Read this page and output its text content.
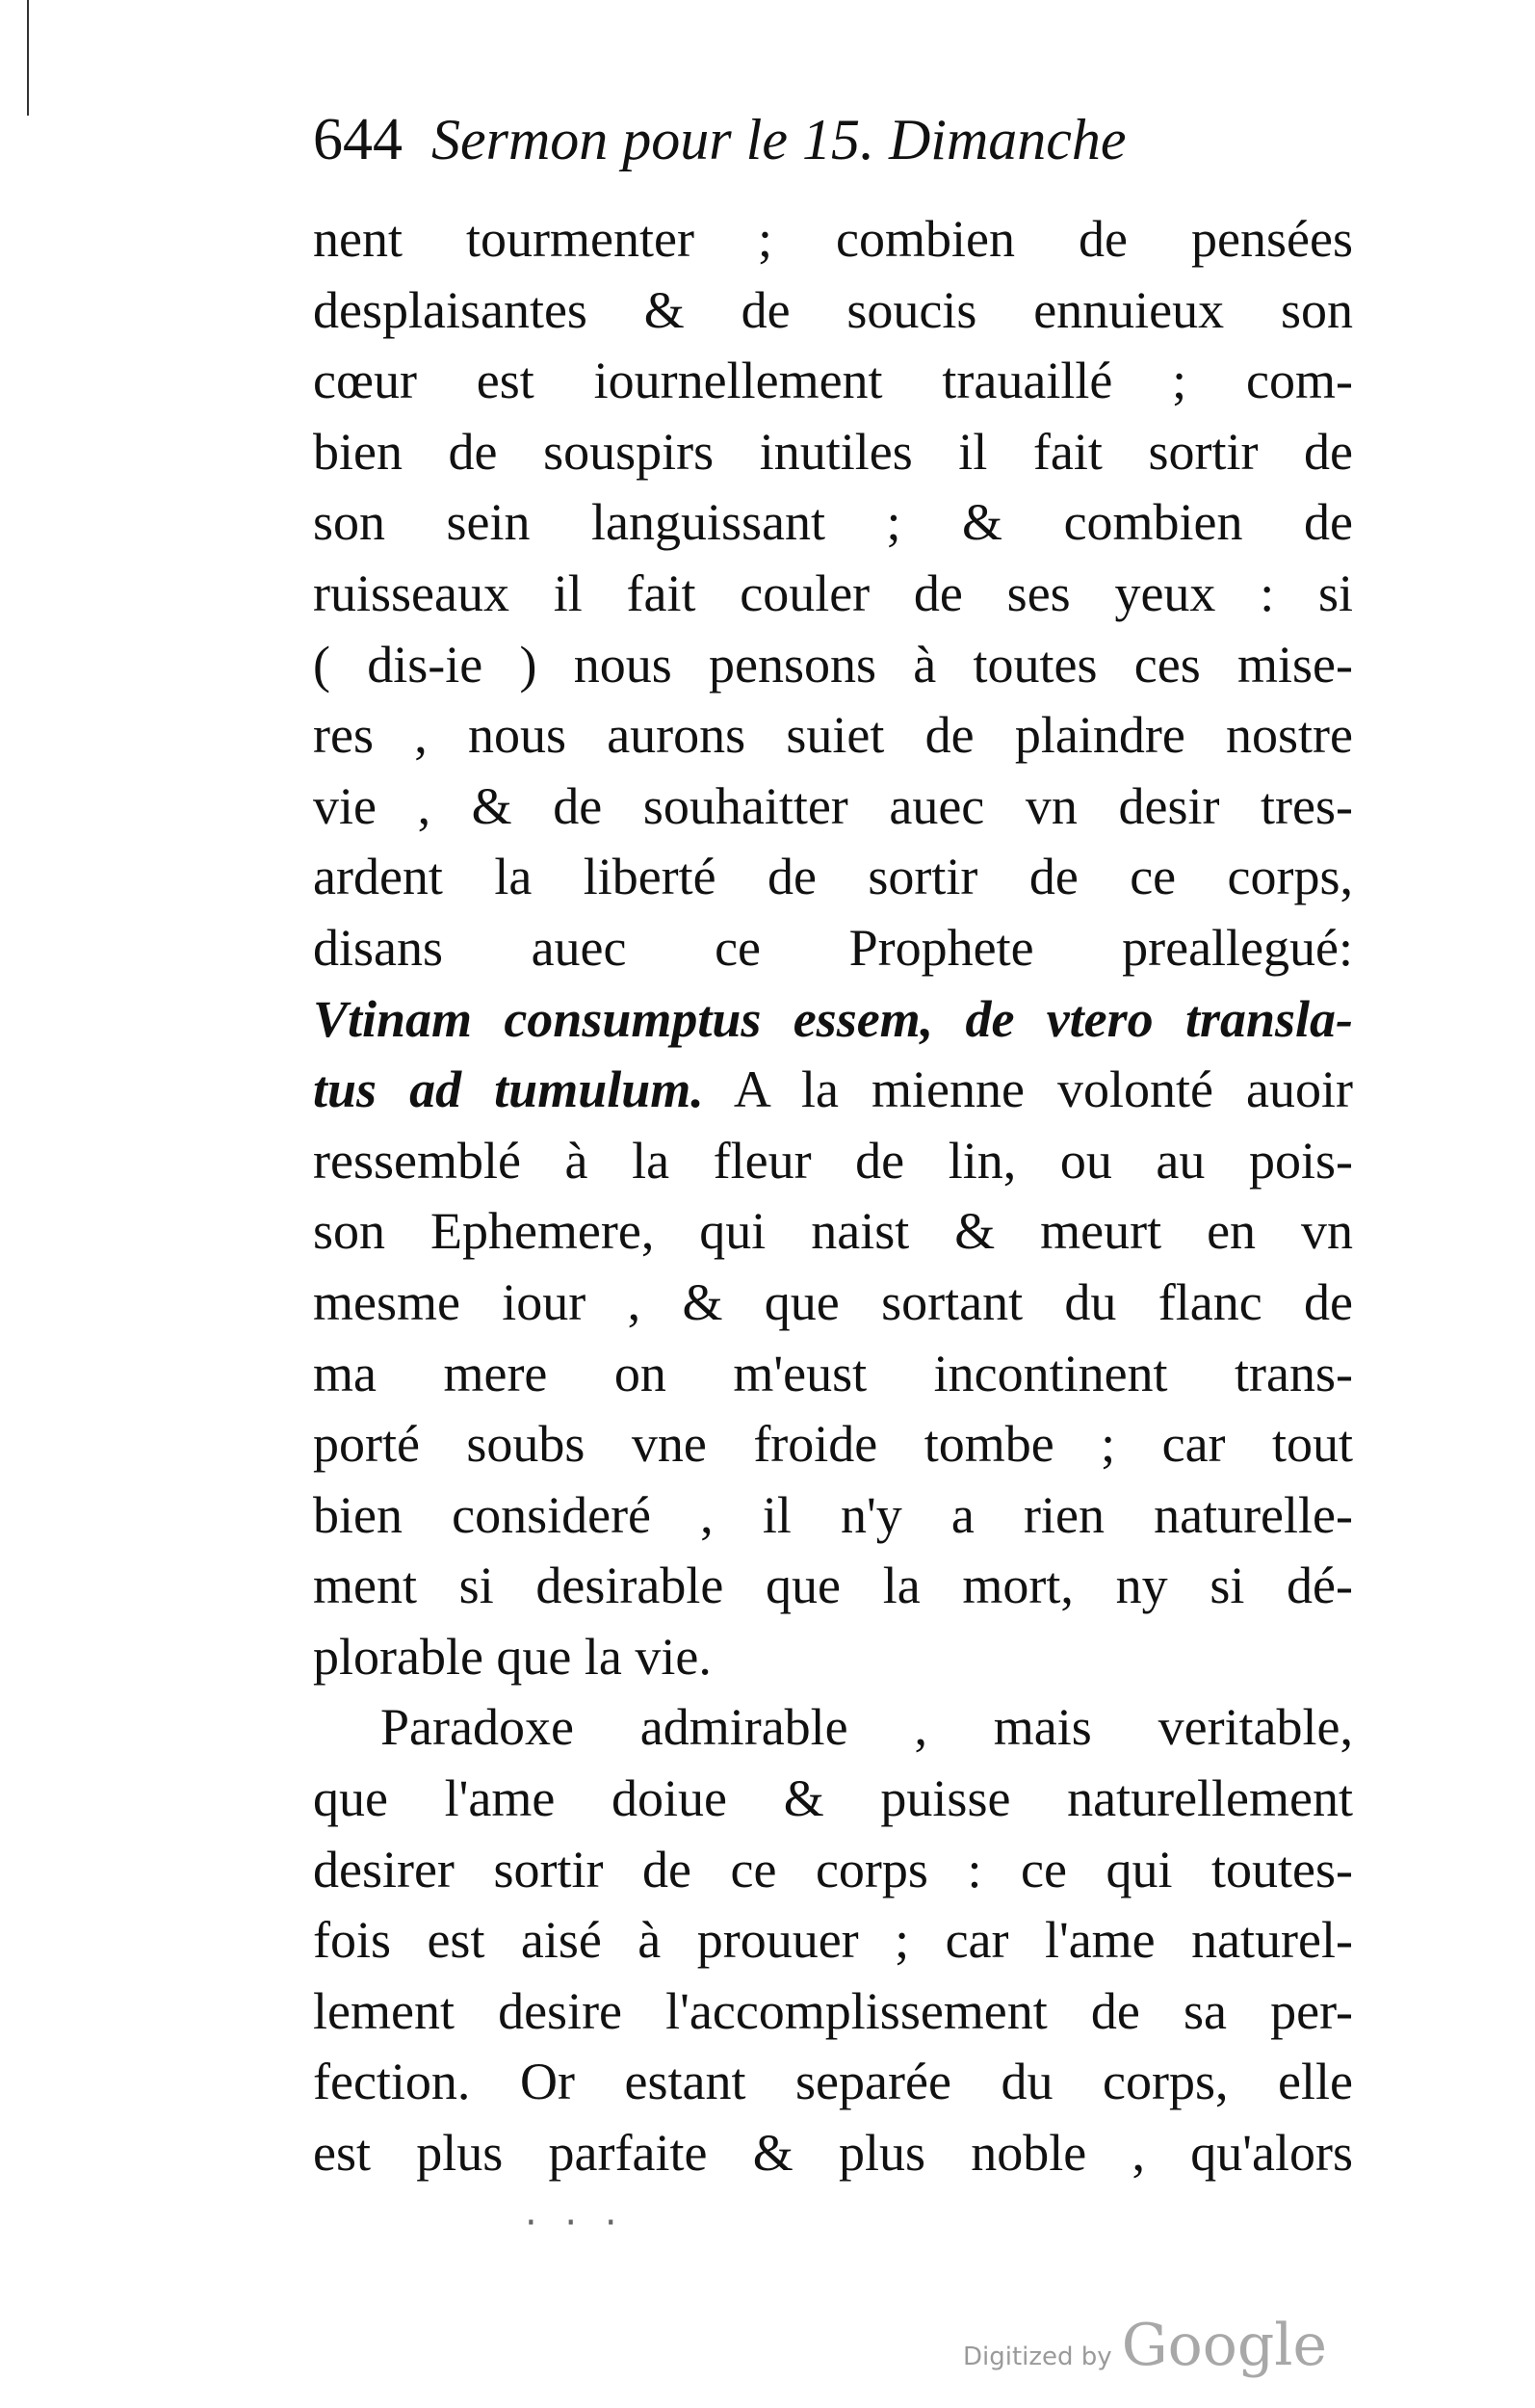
644 Sermon pour le 15. Dimanche
nent tourmenter ; combien de pensées
desplaisantes & de soucis ennuieux son
cœur est iournellement trauaillé ; com-
bien de souspirs inutiles il fait sortir de
son sein languissant ; & combien de
ruisseaux il fait couler de ses yeux : si
( dis-ie ) nous pensons à toutes ces mise-
res , nous aurons suiet de plaindre nostre
vie , & de souhaitter auec vn desir tres-
ardent la liberté de sortir de ce corps,
disans auec ce Prophete preallegué:
Vtinam consumptus essem, de vtero transla-
tus ad tumulum. A la mienne volonté auoir
ressemblé à la fleur de lin, ou au pois-
son Ephemere, qui naist & meurt en vn
mesme iour , & que sortant du flanc de
ma mere on m'eust incontinent trans-
porté soubs vne froide tombe ; car tout
bien consideré , il n'y a rien naturelle-
ment si desirable que la mort, ny si dé-
plorable que la vie.
Paradoxe admirable , mais veritable,
que l'ame doiue & puisse naturellement
desirer sortir de ce corps : ce qui toutes-
fois est aisé à prouuer ; car l'ame naturel-
lement desire l'accomplissement de sa per-
fection. Or estant separée du corps, elle
est plus parfaite & plus noble , qu'alors
· · ·
Digitized by Google
